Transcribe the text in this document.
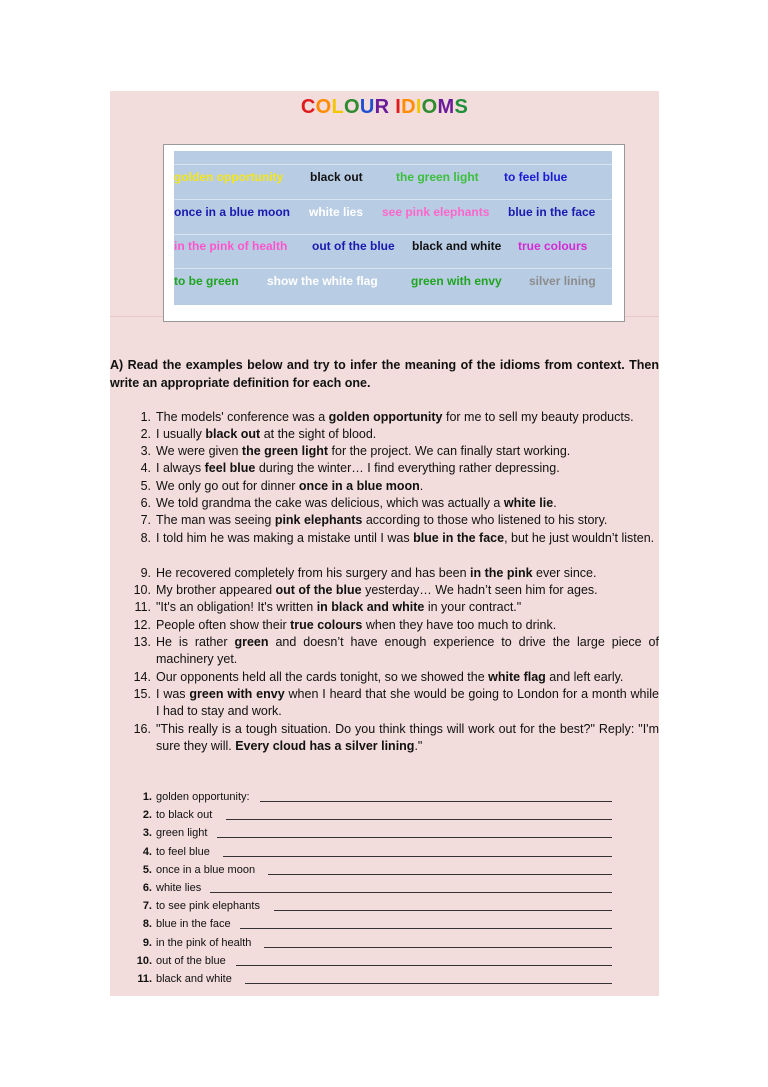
COLOUR IDIOMS
golden opportunity black out	the green light to feel blue
once in a blue moon white lies see pink elephants blue in the face
in the pink of health out of the blue black and white true colours
to be green show the white flag	green with envy silver lining
A) Read the examples below and try to infer the meaning of the idioms from context. Then write an appropriate definition for each one.
1. The models' conference was a golden opportunity for me to sell my beauty products.
2. I usually black out at the sight of blood.
3. We were given the green light for the project. We can finally start working.
4. I always feel blue during the winter… I find everything rather depressing.
5. We only go out for dinner once in a blue moon.
6. We told grandma the cake was delicious, which was actually a white lie.
7. The man was seeing pink elephants according to those who listened to his story.
8. I told him he was making a mistake until I was blue in the face, but he just wouldn’t listen.
9. He recovered completely from his surgery and has been in the pink ever since.
10. My brother appeared out of the blue yesterday… We hadn’t seen him for ages.
11. "It's an obligation! It's written in black and white in your contract."
12. People often show their true colours when they have too much to drink.
13. He is rather green and doesn’t have enough experience to drive the large piece of machinery yet.
14. Our opponents held all the cards tonight, so we showed the white flag and left early.
15. I was green with envy when I heard that she would be going to London for a month while I had to stay and work.
16. "This really is a tough situation. Do you think things will work out for the best?" Reply: "I'm sure they will. Every cloud has a silver lining."
1. golden opportunity:
2. to black out
3. green light
4. to feel blue
5. once in a blue moon
6. white lies
7. to see pink elephants
8. blue in the face
9. in the pink of health
10. out of the blue
11. black and white
